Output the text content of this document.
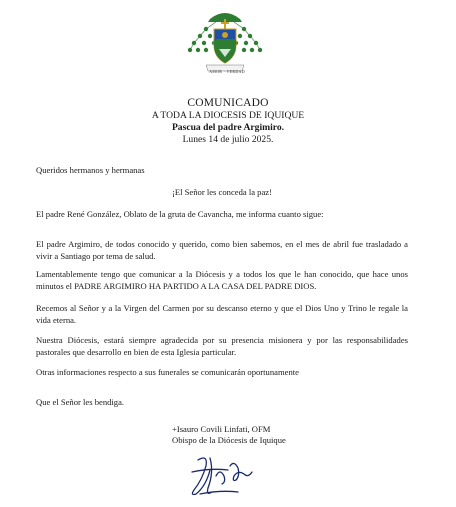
AMOR · VERDAD
COMUNICADO
A TODA LA DIOCESIS DE IQUIQUE
Pascua del padre Argimiro.
Lunes 14 de julio 2025.
Queridos hermanos y hermanas
¡El Señor les conceda la paz!
El padre René González, Oblato de la gruta de Cavancha, me informa cuanto sigue:
El padre Argimiro, de todos conocido y querido, como bien sabemos, en el mes de abril fue trasladado a vivir a Santiago por tema de salud.
Lamentablemente tengo que comunicar a la Diócesis y a todos los que le han conocido, que hace unos minutos el PADRE ARGIMIRO HA PARTIDO A LA CASA DEL PADRE DIOS.
Recemos al Señor y a la Virgen del Carmen por su descanso eterno y que el Dios Uno y Trino le regale la vida eterna.
Nuestra Diócesis, estará siempre agradecida por su presencia misionera y por las responsabilidades pastorales que desarrollo en bien de esta Iglesia particular.
Otras informaciones respecto a sus funerales se comunicarán oportunamente
Que el Señor les bendiga.
+Isauro Covili Linfati, OFM
Obispo de la Diócesis de Iquique
